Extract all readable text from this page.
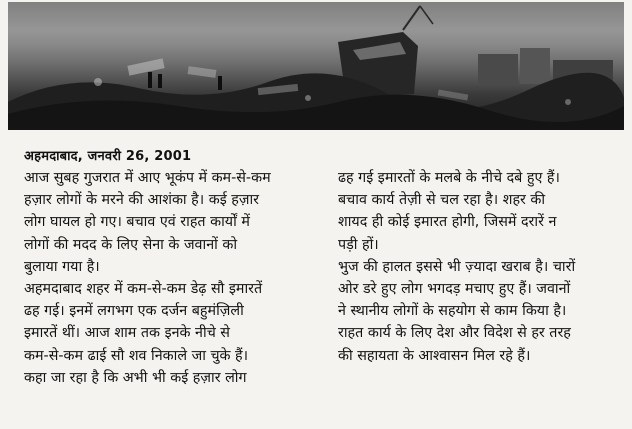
अहमदाबाद, जनवरी 26, 2001
आज सुबह गुजरात में आए भूकंप में कम-से-कम
हज़ार लोगों के मरने की आशंका है। कई हज़ार
लोग घायल हो गए। बचाव एवं राहत कार्यों में
लोगों की मदद के लिए सेना के जवानों को
बुलाया गया है।
अहमदाबाद शहर में कम-से-कम डेढ़ सौ इमारतें
ढह गई। इनमें लगभग एक दर्जन बहुमंज़िली
इमारतें थीं। आज शाम तक इनके नीचे से
कम-से-कम ढाई सौ शव निकाले जा चुके हैं।
कहा जा रहा है कि अभी भी कई हज़ार लोग
ढह गई इमारतों के मलबे के नीचे दबे हुए हैं।
बचाव कार्य तेज़ी से चल रहा है। शहर की
शायद ही कोई इमारत होगी, जिसमें दरारें न
पड़ी हों।
भुज की हालत इससे भी ज़्यादा खराब है। चारों
ओर डरे हुए लोग भगदड़ मचाए हुए हैं। जवानों
ने स्थानीय लोगों के सहयोग से काम किया है।
राहत कार्य के लिए देश और विदेश से हर तरह
की सहायता के आश्वासन मिल रहे हैं।
